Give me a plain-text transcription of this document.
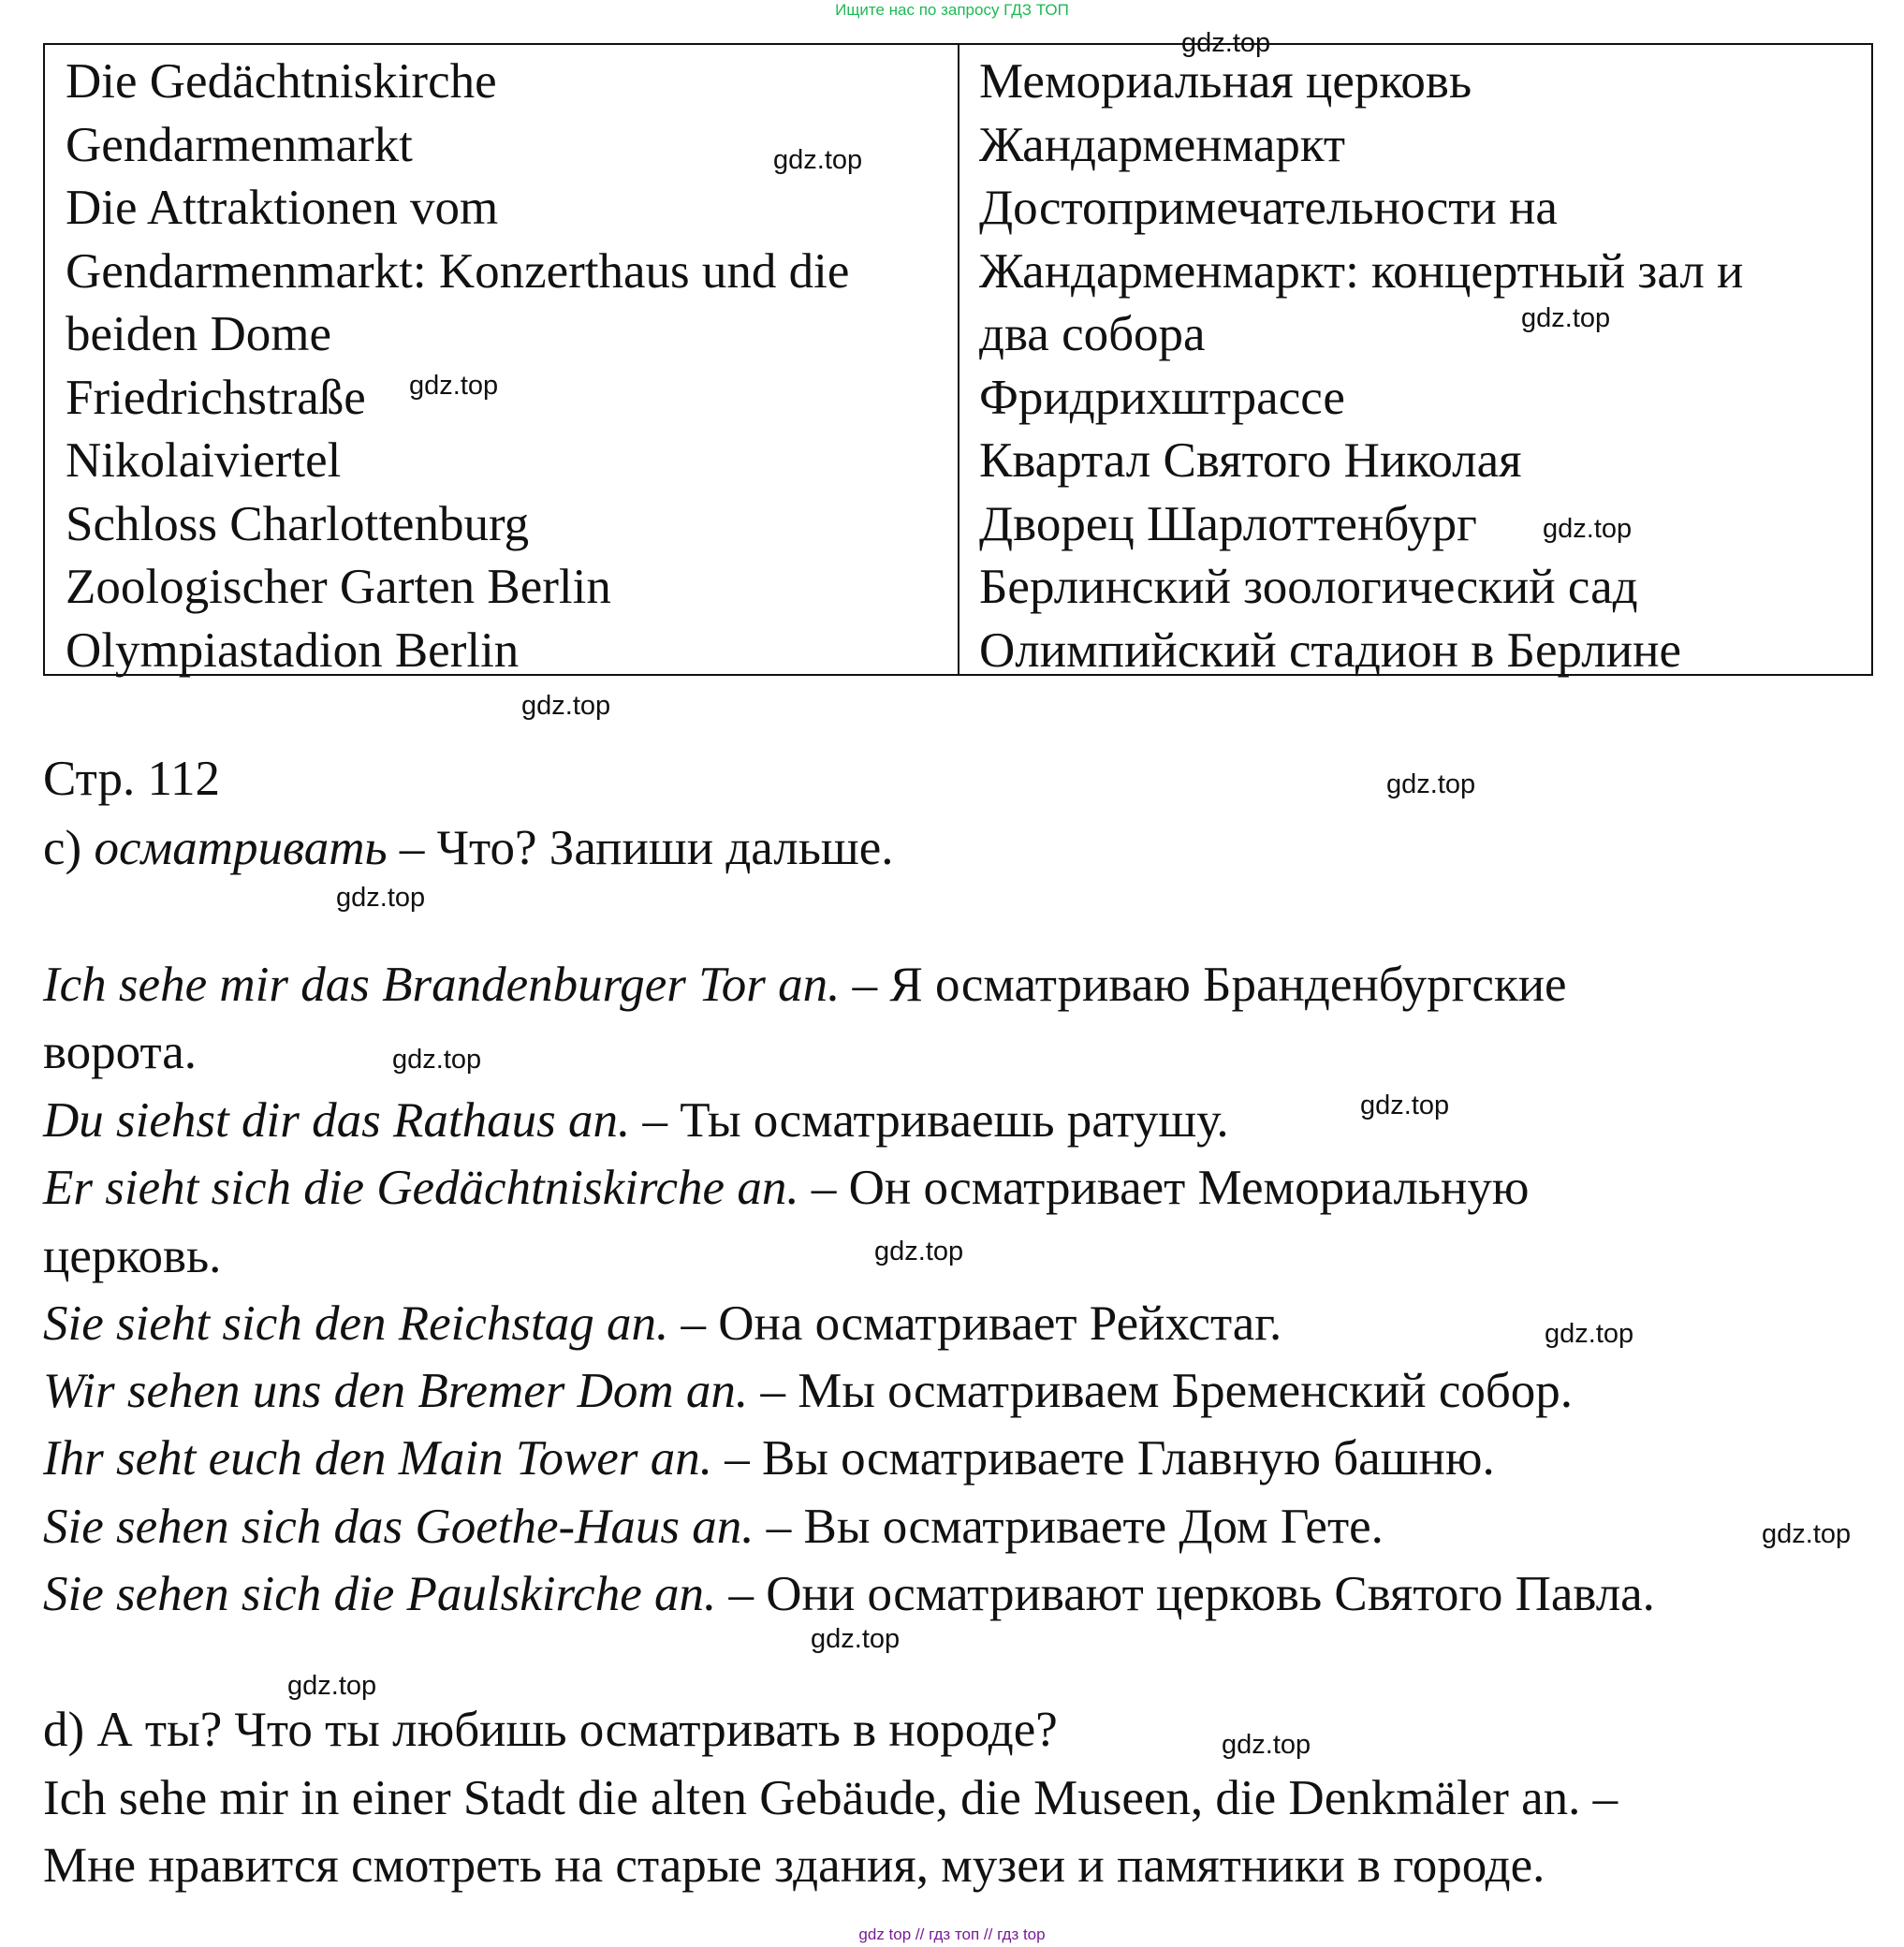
Ищите нас по запросу ГДЗ ТОП
Die Gedächtniskirche
Gendarmenmarkt
Die Attraktionen vom
Gendarmenmarkt: Konzerthaus und die
beiden Dome
Friedrichstraße
Nikolaiviertel
Schloss Charlottenburg
Zoologischer Garten Berlin
Olympiastadion Berlin
Мемориальная церковь
Жандарменмаркт
Достопримечательности на
Жандарменмаркт: концертный зал и
два собора
Фридрихштрассе
Квартал Святого Николая
Дворец Шарлоттенбург
Берлинский зоологический сад
Олимпийский стадион в Берлине
Стр. 112
c) осматривать – Что? Запиши дальше.
Ich sehe mir das Brandenburger Tor an. – Я осматриваю Бранденбургские
ворота.
Du siehst dir das Rathaus an. – Ты осматриваешь ратушу.
Er sieht sich die Gedächtniskirche an. – Он осматривает Мемориальную
церковь.
Sie sieht sich den Reichstag an. – Она осматривает Рейхстаг.
Wir sehen uns den Bremer Dom an. – Мы осматриваем Бременский собор.
Ihr seht euch den Main Tower an. – Вы осматриваете Главную башню.
Sie sehen sich das Goethe-Haus an. – Вы осматриваете Дом Гете.
Sie sehen sich die Paulskirche an. – Они осматривают церковь Святого Павла.
d) А ты? Что ты любишь осматривать в нороде?
Ich sehe mir in einer Stadt die alten Gebäude, die Museen, die Denkmäler an. –
Мне нравится смотреть на старые здания, музеи и памятники в городе.
gdz.top
gdz.top
gdz.top
gdz.top
gdz.top
gdz.top
gdz.top
gdz.top
gdz.top
gdz.top
gdz.top
gdz.top
gdz.top
gdz.top
gdz.top
gdz.top
gdz top // гдз топ // гдз top
